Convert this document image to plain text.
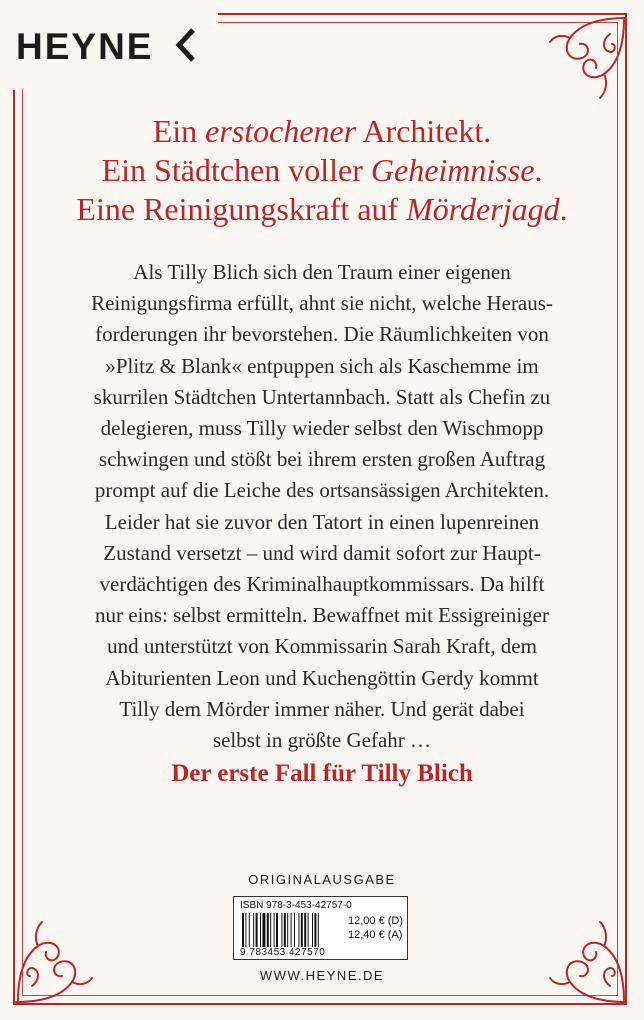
HEYNE
Ein erstochener Architekt.
Ein Städtchen voller Geheimnisse.
Eine Reinigungskraft auf Mörderjagd.
Als Tilly Blich sich den Traum einer eigenen
Reinigungsfirma erfüllt, ahnt sie nicht, welche Heraus-
forderungen ihr bevorstehen. Die Räumlichkeiten von
»Plitz & Blank« entpuppen sich als Kaschemme im
skurrilen Städtchen Untertannbach. Statt als Chefin zu
delegieren, muss Tilly wieder selbst den Wischmopp
schwingen und stößt bei ihrem ersten großen Auftrag
prompt auf die Leiche des ortsansässigen Architekten.
Leider hat sie zuvor den Tatort in einen lupenreinen
Zustand versetzt – und wird damit sofort zur Haupt-
verdächtigen des Kriminalhauptkommissars. Da hilft
nur eins: selbst ermitteln. Bewaffnet mit Essigreiniger
und unterstützt von Kommissarin Sarah Kraft, dem
Abiturienten Leon und Kuchengöttin Gerdy kommt
Tilly dem Mörder immer näher. Und gerät dabei
selbst in größte Gefahr …
Der erste Fall für Tilly Blich
ORIGINALAUSGABE
ISBN 978-3-453-42757-0
9 783453 427570
12,00 € (D)
12,40 € (A)
WWW.HEYNE.DE
